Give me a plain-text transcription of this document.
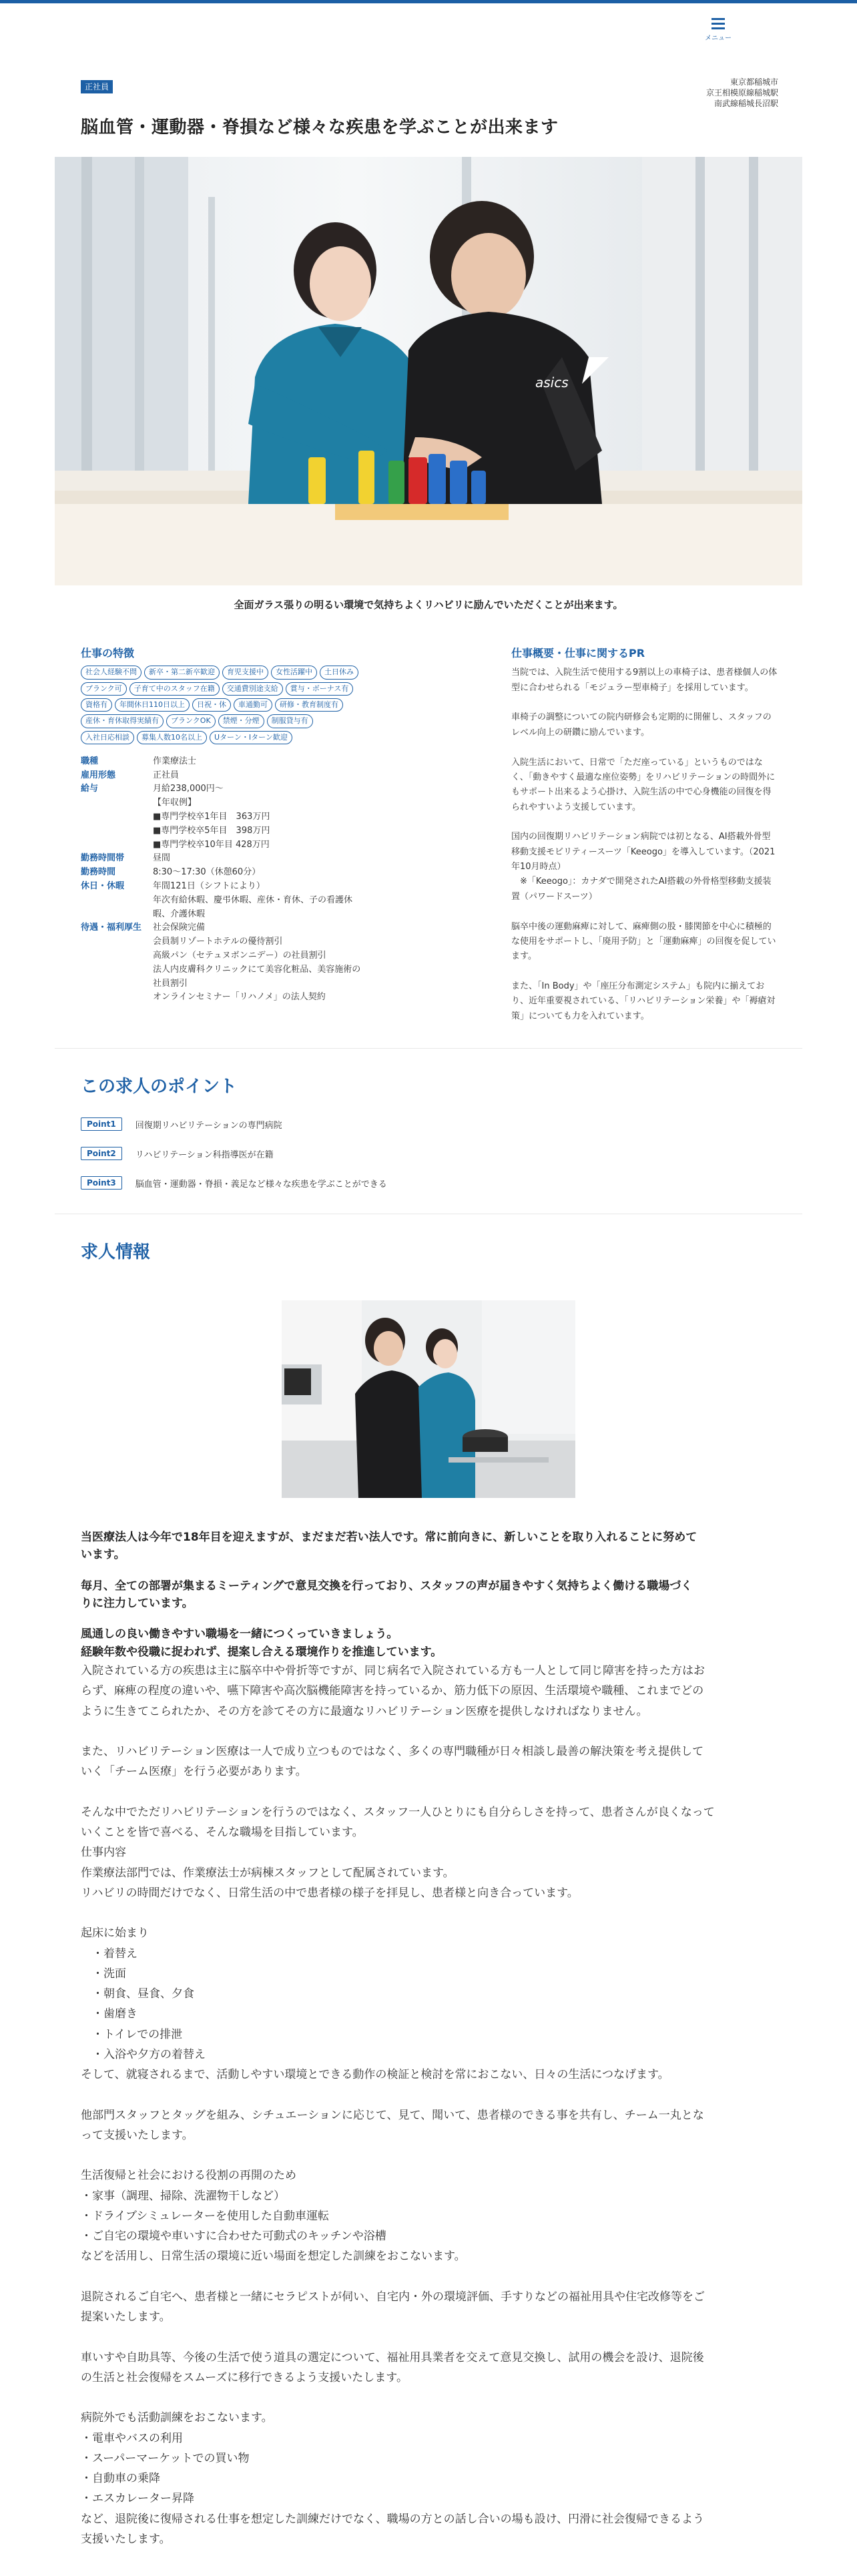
メニュー
正社員	東京都稲城市
京王相模原線稲城駅
南武線稲城長沼駅
脳血管・運動器・脊損など様々な疾患を学ぶことが出来ます
asics
全面ガラス張りの明るい環境で気持ちよくリハビリに励んでいただくことが出来ます。
仕事の特徴
社会人経験不問	新卒・第二新卒歓迎	育児支援中	女性活躍中	土日休み
ブランク可	子育て中のスタッフ在籍	交通費別途支給	賞与・ボーナス有
資格有	年間休日110日以上	日祝・休	車通勤可	研修・教育制度有
産休・育休取得実績有	ブランクOK	禁煙・分煙	制服貸与有
入社日応相談	募集人数10名以上	Uターン・Iターン歓迎
職種	作業療法士
雇用形態	正社員
給与	月給238,000円〜
【年収例】
■専門学校卒1年目　363万円
■専門学校卒5年目　398万円
■専門学校卒10年目 428万円
勤務時間帯	昼間
勤務時間	8:30〜17:30（休憩60分）
休日・休暇	年間121日（シフトにより）
年次有給休暇、慶弔休暇、産休・育休、子の看護休暇、介護休暇
待遇・福利厚生	社会保険完備
会員制リゾートホテルの優待割引
高級パン（セテュヌボンニデー）の社員割引
法人内皮膚科クリニックにて美容化粧品、美容施術の社員割引
オンラインセミナー「リハノメ」の法人契約
仕事概要・仕事に関するPR
当院では、入院生活で使用する9割以上の車椅子は、患者様個人の体型に合わせられる「モジュラー型車椅子」を採用しています。

車椅子の調整についての院内研修会も定期的に開催し、スタッフのレベル向上の研鑽に励んでいます。

入院生活において、日常で「ただ座っている」というものではなく、「動きやすく最適な座位姿勢」をリハビリテーションの時間外にもサポート出来るよう心掛け、入院生活の中で心身機能の回復を得られやすいよう支援しています。

国内の回復期リハビリテーション病院では初となる、AI搭載外骨型移動支援モビリティースーツ「Keeogo」を導入しています。（2021年10月時点）
　※「Keeogo」：カナダで開発されたAI搭載の外骨格型移動支援装置（パワードスーツ）

脳卒中後の運動麻痺に対して、麻痺側の股・膝関節を中心に積極的な使用をサポートし、「廃用予防」と「運動麻痺」の回復を促しています。

また、「In Body」や「座圧分布測定システム」も院内に揃えており、近年重要視されている、「リハビリテーション栄養」や「褥瘡対策」についても力を入れています。
この求人のポイント
Point1	回復期リハビリテーションの専門病院
Point2	リハビリテーション科指導医が在籍
Point3	脳血管・運動器・脊損・義足など様々な疾患を学ぶことができる
求人情報

当医療法人は今年で18年目を迎えますが、まだまだ若い法人です。常に前向きに、新しいことを取り入れることに努めています。

毎月、全ての部署が集まるミーティングで意見交換を行っており、スタッフの声が届きやすく気持ちよく働ける職場づくりに注力しています。

風通しの良い働きやすい職場を一緒につくっていきましょう。
経験年数や役職に捉われず、提案し合える環境作りを推進しています。

入院されている方の疾患は主に脳卒中や骨折等ですが、同じ病名で入院されている方も一人として同じ障害を持った方はおらず、麻痺の程度の違いや、嚥下障害や高次脳機能障害を持っているか、筋力低下の原因、生活環境や職種、これまでどのように生きてこられたか、その方を診てその方に最適なリハビリテーション医療を提供しなければなりません。

また、リハビリテーション医療は一人で成り立つものではなく、多くの専門職種が日々相談し最善の解決策を考え提供していく「チーム医療」を行う必要があります。

そんな中でただリハビリテーションを行うのではなく、スタッフ一人ひとりにも自分らしさを持って、患者さんが良くなっていくことを皆で喜べる、そんな職場を目指しています。
仕事内容
作業療法部門では、作業療法士が病棟スタッフとして配属されています。
リハビリの時間だけでなく、日常生活の中で患者様の様子を拝見し、患者様と向き合っています。

起床に始まり
　・着替え
　・洗面
　・朝食、昼食、夕食
　・歯磨き
　・トイレでの排泄
　・入浴や夕方の着替え
そして、就寝されるまで、活動しやすい環境とできる動作の検証と検討を常におこない、日々の生活につなげます。

他部門スタッフとタッグを組み、シチュエーションに応じて、見て、聞いて、患者様のできる事を共有し、チーム一丸となって支援いたします。

生活復帰と社会における役割の再開のため
・家事（調理、掃除、洗濯物干しなど）
・ドライブシミュレーターを使用した自動車運転
・ご自宅の環境や車いすに合わせた可動式のキッチンや浴槽
などを活用し、日常生活の環境に近い場面を想定した訓練をおこないます。

退院されるご自宅へ、患者様と一緒にセラピストが伺い、自宅内・外の環境評価、手すりなどの福祉用具や住宅改修等をご提案いたします。

車いすや自助具等、今後の生活で使う道具の選定について、福祉用具業者を交えて意見交換し、試用の機会を設け、退院後の生活と社会復帰をスムーズに移行できるよう支援いたします。

病院外でも活動訓練をおこないます。
・電車やバスの利用
・スーパーマーケットでの買い物
・自動車の乗降
・エスカレーター昇降
など、退院後に復帰される仕事を想定した訓練だけでなく、職場の方との話し合いの場も設け、円滑に社会復帰できるよう支援いたします。
